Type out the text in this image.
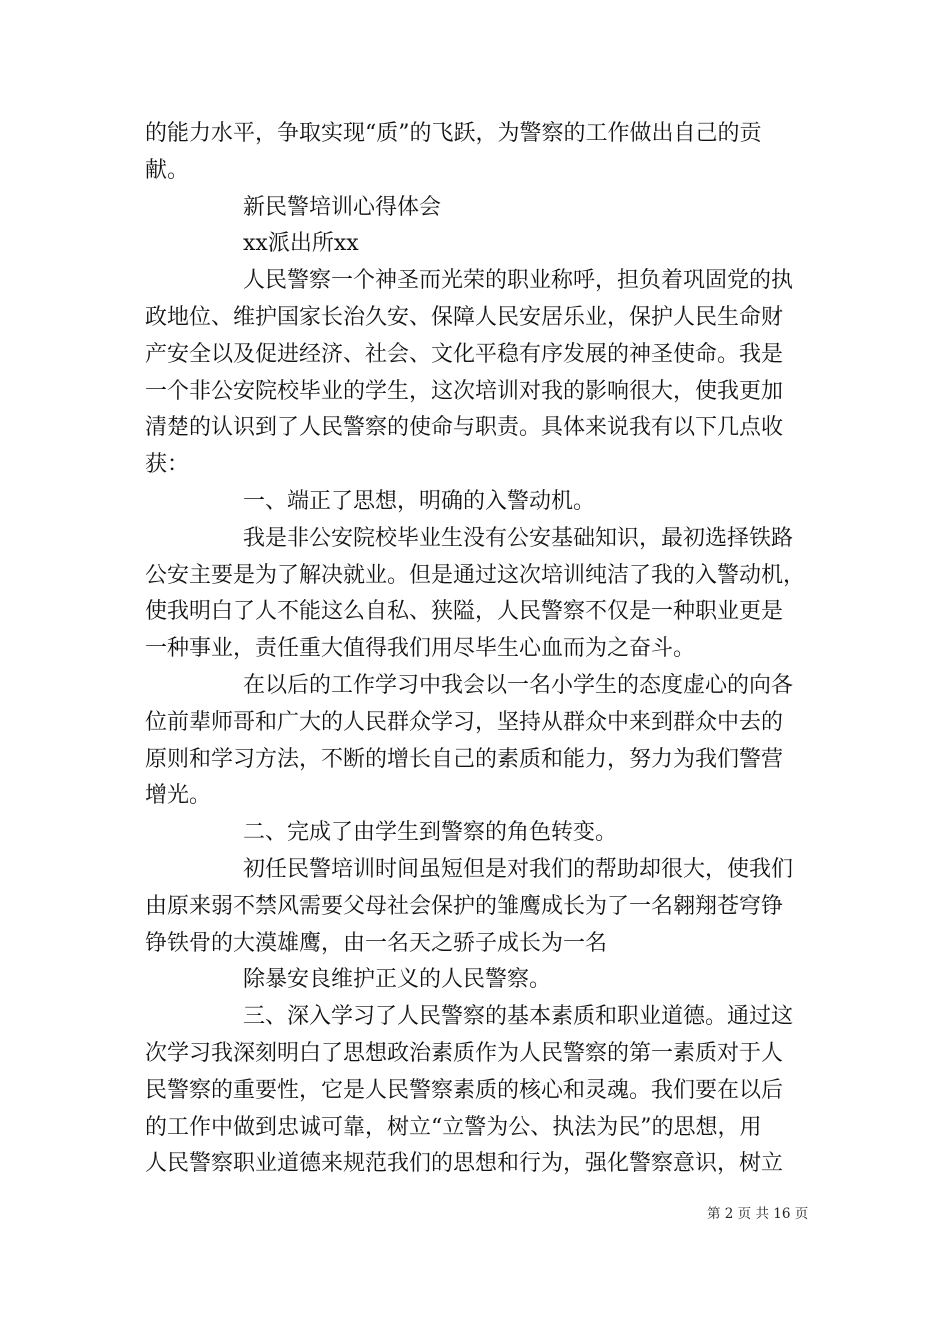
的能力水平，争取实现“质”的飞跃，为警察的工作做出自己的贡
献。
新民警培训心得体会
xx派出所xx
人民警察一个神圣而光荣的职业称呼，担负着巩固党的执
政地位、维护国家长治久安、保障人民安居乐业，保护人民生命财
产安全以及促进经济、社会、文化平稳有序发展的神圣使命。我是
一个非公安院校毕业的学生，这次培训对我的影响很大，使我更加
清楚的认识到了人民警察的使命与职责。具体来说我有以下几点收
获：
一、端正了思想，明确的入警动机。
我是非公安院校毕业生没有公安基础知识，最初选择铁路
公安主要是为了解决就业。但是通过这次培训纯洁了我的入警动机，
使我明白了人不能这么自私、狭隘，人民警察不仅是一种职业更是
一种事业，责任重大值得我们用尽毕生心血而为之奋斗。
在以后的工作学习中我会以一名小学生的态度虚心的向各
位前辈师哥和广大的人民群众学习，坚持从群众中来到群众中去的
原则和学习方法，不断的增长自己的素质和能力，努力为我们警营
增光。
二、完成了由学生到警察的角色转变。
初任民警培训时间虽短但是对我们的帮助却很大，使我们
由原来弱不禁风需要父母社会保护的雏鹰成长为了一名翱翔苍穹铮
铮铁骨的大漠雄鹰，由一名天之骄子成长为一名
除暴安良维护正义的人民警察。
三、深入学习了人民警察的基本素质和职业道德。通过这
次学习我深刻明白了思想政治素质作为人民警察的第一素质对于人
民警察的重要性，它是人民警察素质的核心和灵魂。我们要在以后
的工作中做到忠诚可靠，树立“立警为公、执法为民”的思想，用
人民警察职业道德来规范我们的思想和行为，强化警察意识，树立
第 2 页 共 16 页
